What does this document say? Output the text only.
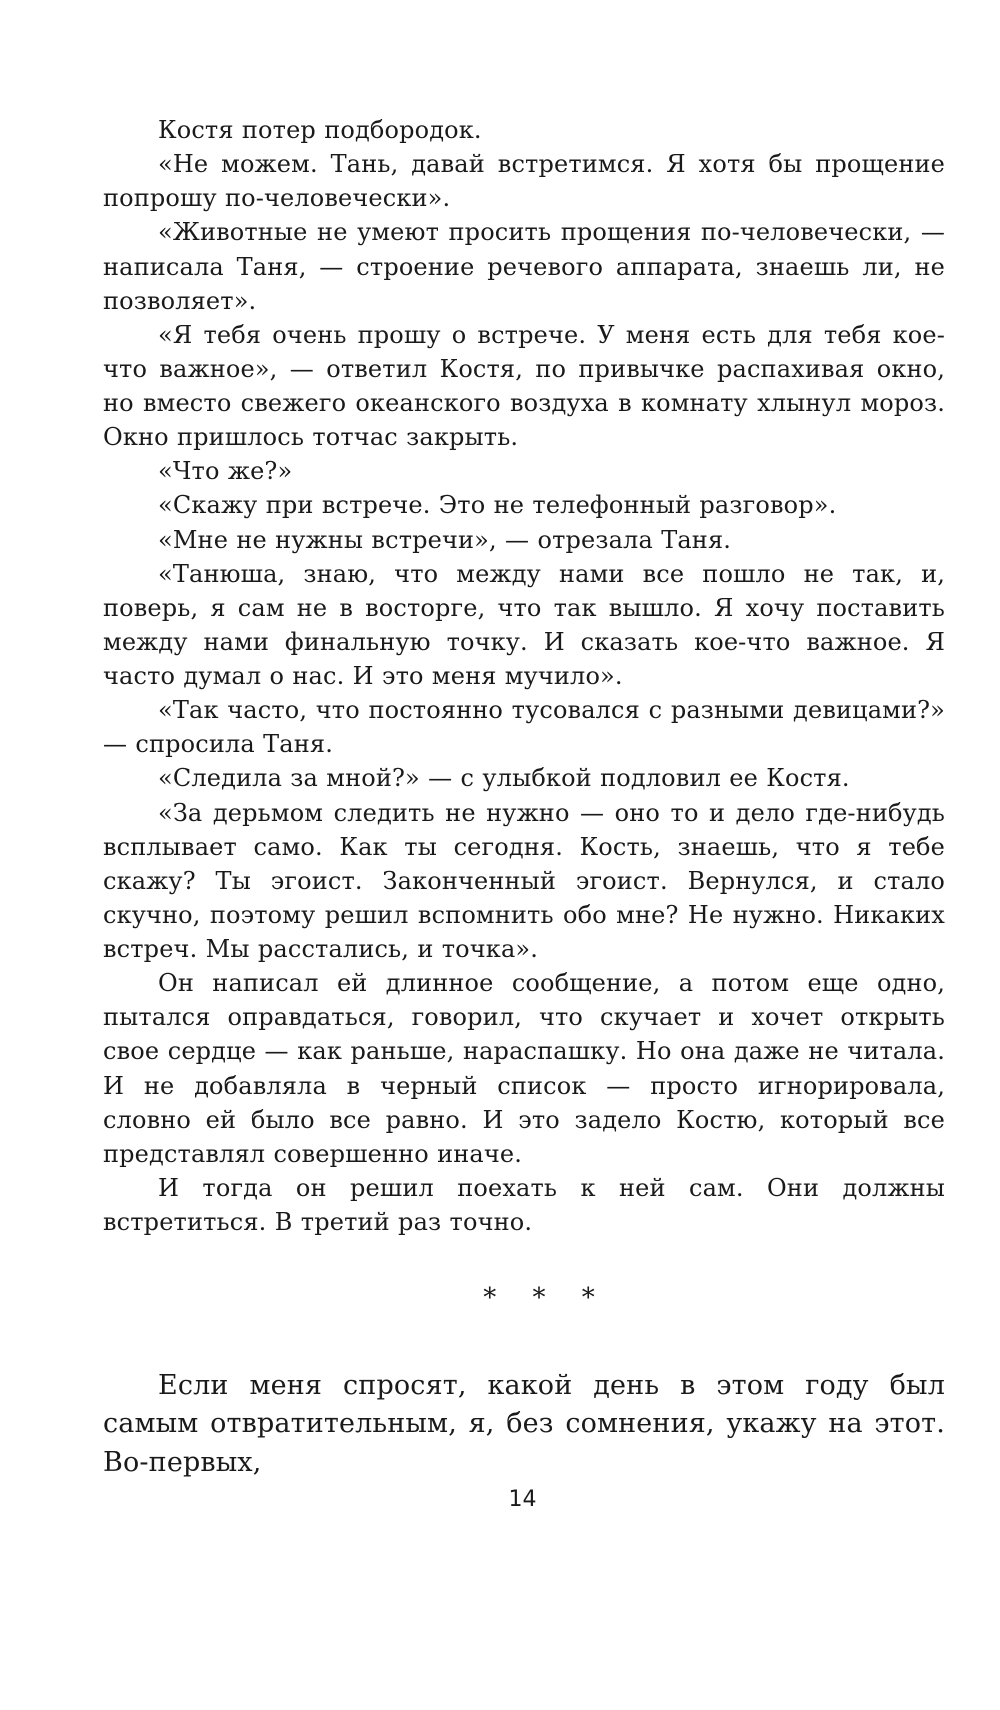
Костя потер подбородок.

«Не можем. Тань, давай встретимся. Я хотя бы прощение попрошу по-человечески».

«Животные не умеют просить прощения по-человечески, — написала Таня, — строение речевого аппарата, знаешь ли, не позволяет».

«Я тебя очень прошу о встрече. У меня есть для тебя кое-что важное», — ответил Костя, по привычке распахивая окно, но вместо свежего океанского воздуха в комнату хлынул мороз. Окно пришлось тотчас закрыть.

«Что же?»

«Скажу при встрече. Это не телефонный разговор».

«Мне не нужны встречи», — отрезала Таня.

«Танюша, знаю, что между нами все пошло не так, и, поверь, я сам не в восторге, что так вышло. Я хочу поставить между нами финальную точку. И сказать кое-что важное. Я часто думал о нас. И это меня мучило».

«Так часто, что постоянно тусовался с разными девицами?» — спросила Таня.

«Следила за мной?» — с улыбкой подловил ее Костя.

«За дерьмом следить не нужно — оно то и дело где-нибудь всплывает само. Как ты сегодня. Кость, знаешь, что я тебе скажу? Ты эгоист. Законченный эгоист. Вернулся, и стало скучно, поэтому решил вспомнить обо мне? Не нужно. Никаких встреч. Мы расстались, и точка».

Он написал ей длинное сообщение, а потом еще одно, пытался оправдаться, говорил, что скучает и хочет открыть свое сердце — как раньше, нараспашку. Но она даже не читала. И не добавляла в черный список — просто игнорировала, словно ей было все равно. И это задело Костю, который все представлял совершенно иначе.

И тогда он решил поехать к ней сам. Они должны встретиться. В третий раз точно.

* * *

Если меня спросят, какой день в этом году был самым отвратительным, я, без сомнения, укажу на этот. Во-первых,

14
